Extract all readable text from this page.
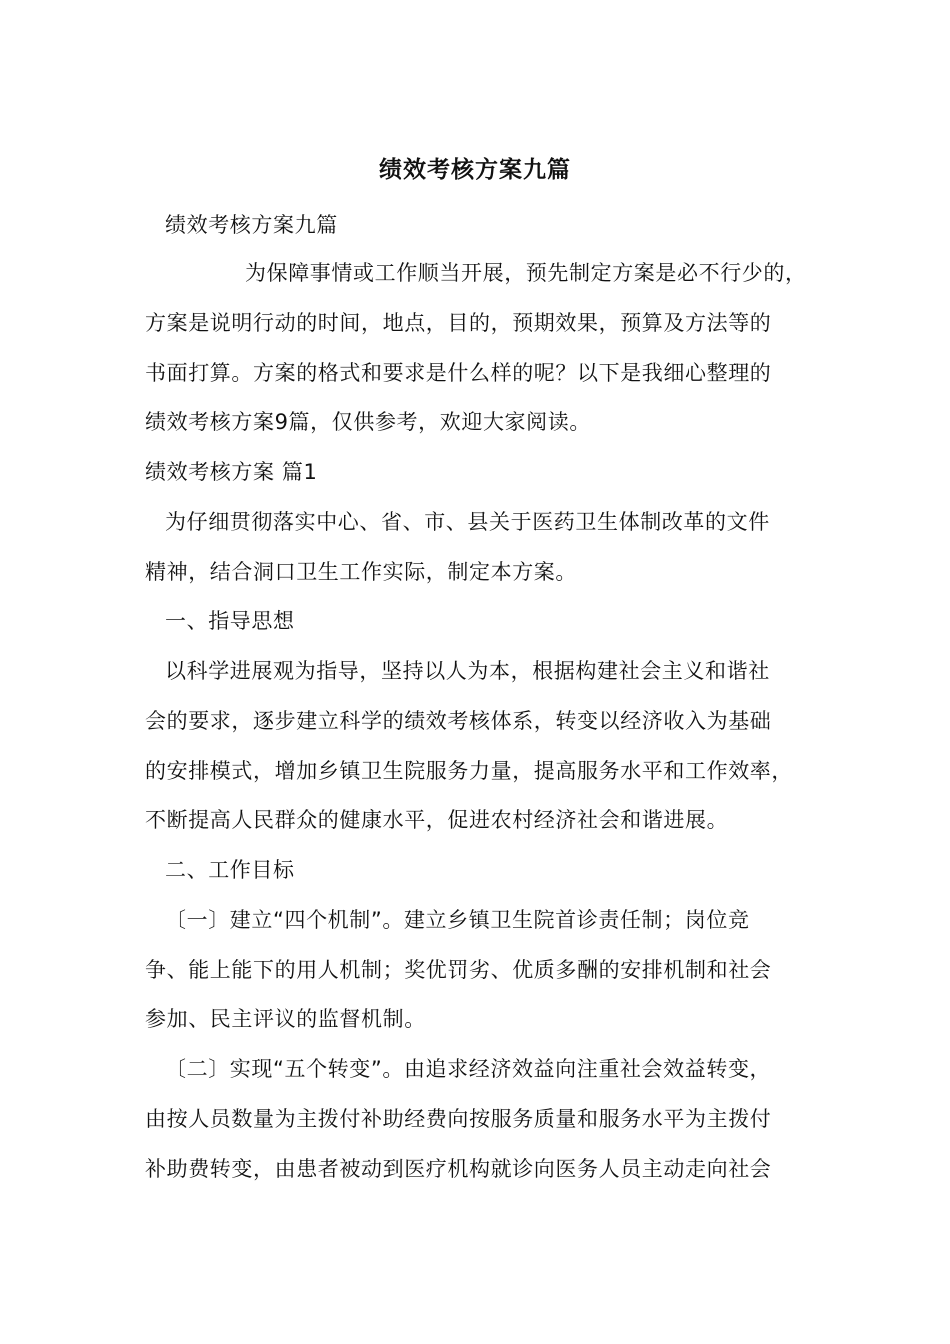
绩效考核方案九篇
绩效考核方案九篇
为保障事情或工作顺当开展，预先制定方案是必不行少的，
方案是说明行动的时间，地点，目的，预期效果，预算及方法等的
书面打算。方案的格式和要求是什么样的呢？以下是我细心整理的
绩效考核方案9篇，仅供参考，欢迎大家阅读。
绩效考核方案 篇1
为仔细贯彻落实中心、省、市、县关于医药卫生体制改革的文件
精神，结合洞口卫生工作实际，制定本方案。
一、指导思想
以科学进展观为指导，坚持以人为本，根据构建社会主义和谐社
会的要求，逐步建立科学的绩效考核体系，转变以经济收入为基础
的安排模式，增加乡镇卫生院服务力量，提高服务水平和工作效率，
不断提高人民群众的健康水平，促进农村经济社会和谐进展。
二、工作目标
〔一〕建立“四个机制”。建立乡镇卫生院首诊责任制；岗位竞
争、能上能下的用人机制；奖优罚劣、优质多酬的安排机制和社会
参加、民主评议的监督机制。
〔二〕实现“五个转变”。由追求经济效益向注重社会效益转变，
由按人员数量为主拨付补助经费向按服务质量和服务水平为主拨付
补助费转变，由患者被动到医疗机构就诊向医务人员主动走向社会
